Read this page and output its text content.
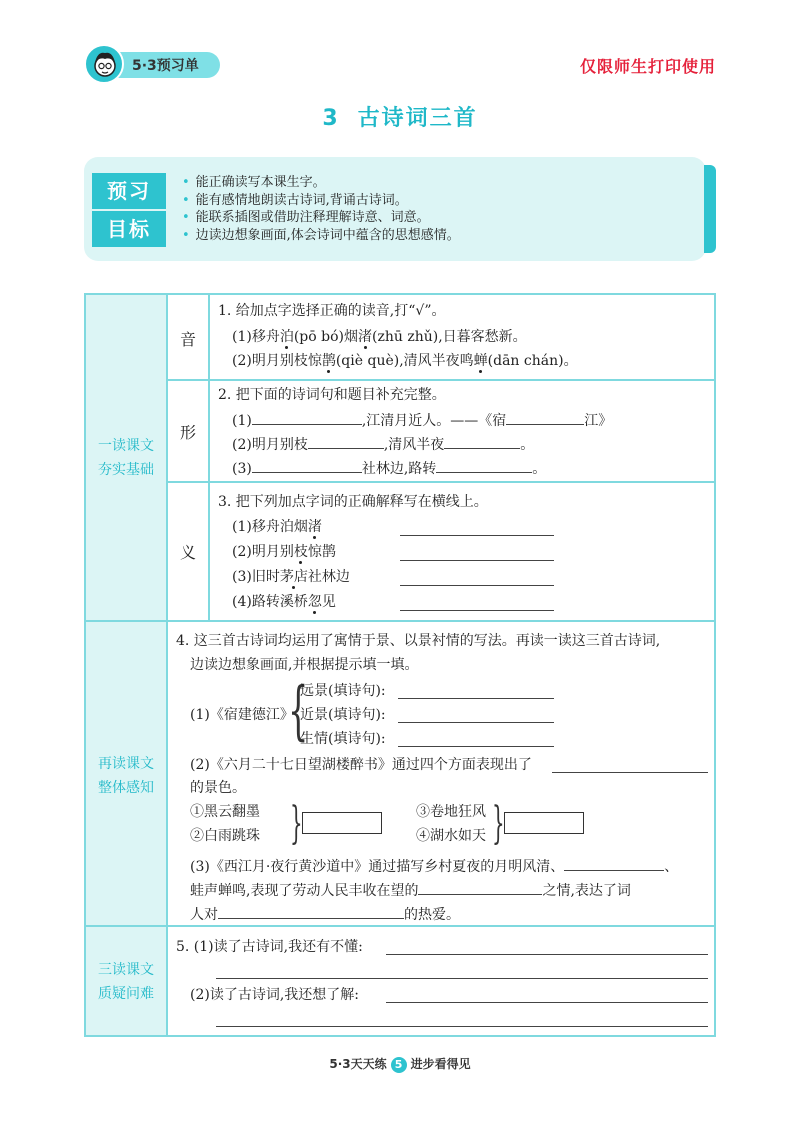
5·3预习单	仅限师生打印使用
3 古诗词三首
预习
目标
• 能正确读写本课生字。
• 能有感情地朗读古诗词,背诵古诗词。
• 能联系插图或借助注释理解诗意、词意。
• 边读边想象画面,体会诗词中蕴含的思想感情。
一读课文
夯实基础
再读课文
整体感知
三读课文
质疑问难
音
1. 给加点字选择正确的读音,打“√”。
(1)移舟泊(pō bó)烟渚(zhū zhǔ),日暮客愁新。
(2)明月别枝惊鹊(qiè què),清风半夜鸣蝉(dān chán)。
形
2. 把下面的诗词句和题目补充完整。
(1)	,江清月近人。——《宿	江》
(2)明月别枝	,清风半夜	。
(3)	社林边,路转	。
义
3. 把下列加点字词的正确解释写在横线上。
(1)移舟泊烟渚
(2)明月别枝惊鹊
(3)旧时茅店社林边
(4)路转溪桥忽见
4. 这三首古诗词均运用了寓情于景、以景衬情的写法。再读一读这三首古诗词,
边读边想象画面,并根据提示填一填。
(1)《宿建德江》
{
远景(填诗句):
近景(填诗句):
生情(填诗句):
(2)《六月二十七日望湖楼醉书》通过四个方面表现出了
的景色。
①黑云翻墨
②白雨跳珠 }	③卷地狂风
④湖水如天 }
(3)《西江月·夜行黄沙道中》通过描写乡村夏夜的月明风清、	、
蛙声蝉鸣,表现了劳动人民丰收在望的	之情,表达了词
人对	的热爱。
5. (1)读了古诗词,我还有不懂:
(2)读了古诗词,我还想了解:
5·3天天练 5 进步看得见
